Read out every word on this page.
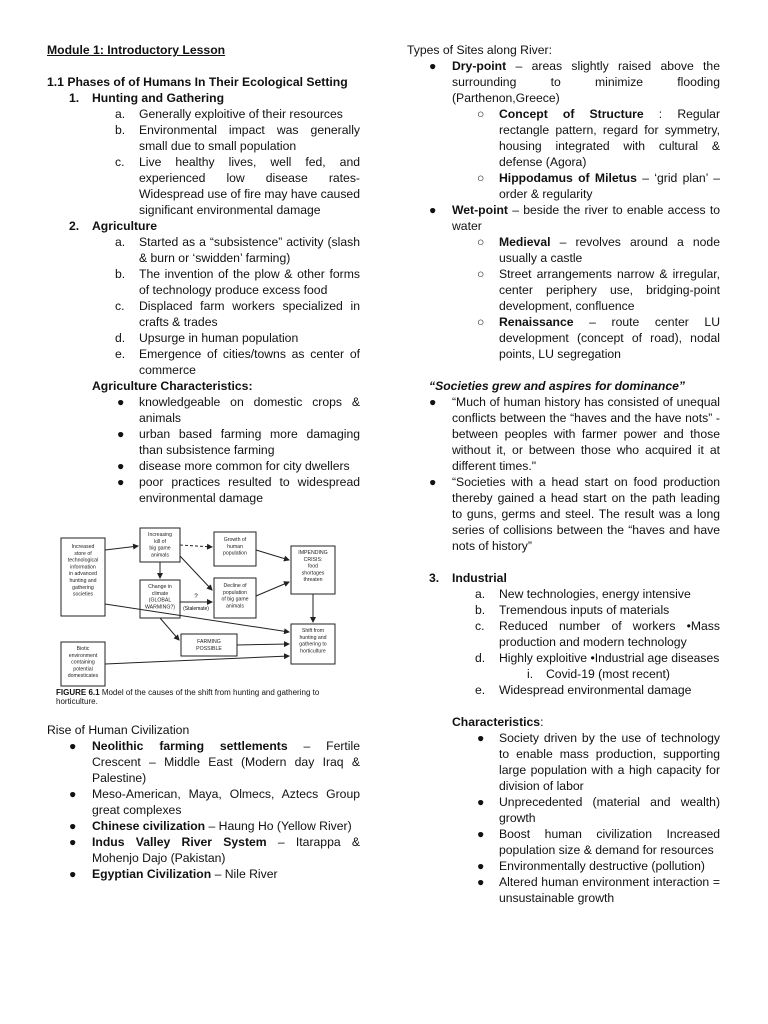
Module 1: Introductory Lesson
1.1 Phases of of Humans In Their Ecological Setting
1. Hunting and Gathering
a. Generally exploitive of their resources
b. Environmental impact was generally small due to small population
c. Live healthy lives, well fed, and experienced low disease rates-Widespread use of fire may have caused significant environmental damage
2. Agriculture
a. Started as a “subsistence” activity (slash & burn or ‘swidden’ farming)
b. The invention of the plow & other forms of technology produce excess food
c. Displaced farm workers specialized in crafts & trades
d. Upsurge in human population
e. Emergence of cities/towns as center of commerce
Agriculture Characteristics:
● knowledgeable on domestic crops & animals
● urban based farming more damaging than subsistence farming
● disease more common for city dwellers
● poor practices resulted to widespread environmental damage
Increased
store of
technological
information
in advanced
hunting and
gathering
societies
Increasing
kill of
big game
animals
Growth of
human
population
Change in
climate
(GLOBAL
WARMING?)
Decline of
population
of big game
animals
IMPENDING
CRISIS:
food
shortages
threaten
FARMING
POSSIBLE
Shift from
hunting and
gathering to
horticulture
Biotic
environment
containing
potential
domesticates
?
(Stalemate)
FIGURE 6.1 Model of the causes of the shift from hunting and gathering to horticulture.
Rise of Human Civilization
● Neolithic farming settlements – Fertile Crescent – Middle East (Modern day Iraq & Palestine)
● Meso-American, Maya, Olmecs, Aztecs Group great complexes
● Chinese civilization – Haung Ho (Yellow River)
● Indus Valley River System – Itarappa & Mohenjo Dajo (Pakistan)
● Egyptian Civilization – Nile River
Types of Sites along River:
● Dry-point – areas slightly raised above the surrounding to minimize flooding (Parthenon,Greece)
○ Concept of Structure : Regular rectangle pattern, regard for symmetry, housing integrated with cultural & defense (Agora)
○ Hippodamus of Miletus – ‘grid plan’ – order & regularity
● Wet-point – beside the river to enable access to water
○ Medieval – revolves around a node usually a castle
○ Street arrangements narrow & irregular, center periphery use, bridging-point development, confluence
○ Renaissance – route center LU development (concept of road), nodal points, LU segregation
“Societies grew and aspires for dominance”
● “Much of human history has consisted of unequal conflicts between the “haves and the have nots” - between peoples with farmer power and those without it, or between those who acquired it at different times."
● “Societies with a head start on food production thereby gained a head start on the path leading to guns, germs and steel. The result was a long series of collisions between the “haves and have nots of history”
3. Industrial
a. New technologies, energy intensive
b. Tremendous inputs of materials
c. Reduced number of workers •Mass production and modern technology
d. Highly exploitive •Industrial age diseases
i. Covid-19 (most recent)
e. Widespread environmental damage
Characteristics:
● Society driven by the use of technology to enable mass production, supporting large population with a high capacity for division of labor
● Unprecedented (material and wealth) growth
● Boost human civilization Increased population size & demand for resources
● Environmentally destructive (pollution)
● Altered human environment interaction = unsustainable growth
